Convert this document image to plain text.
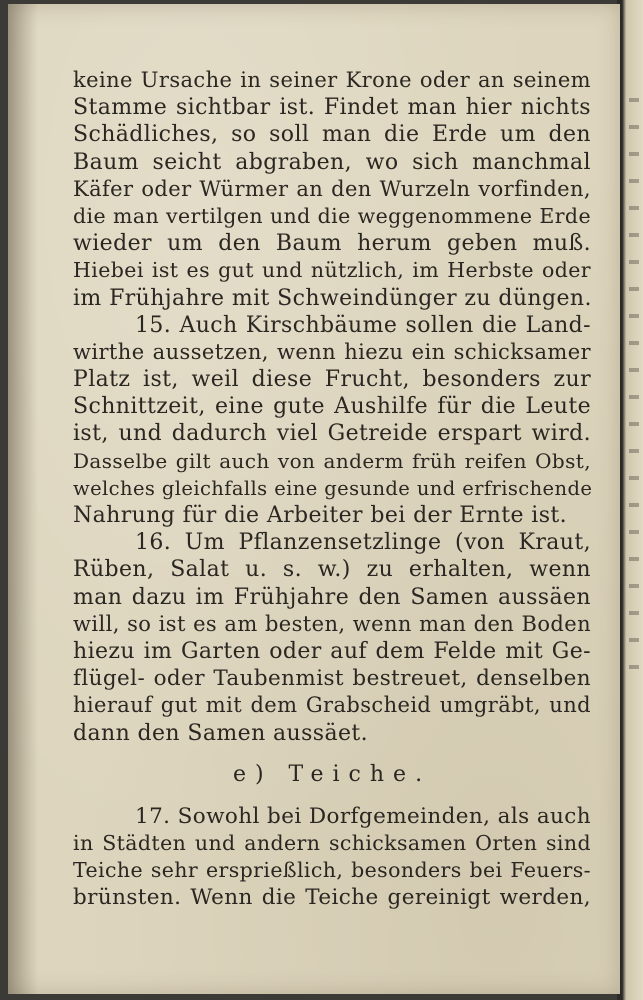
keine Ursache in seiner Krone oder an seinem
Stamme sichtbar ist. Findet man hier nichts
Schädliches, so soll man die Erde um den
Baum seicht abgraben, wo sich manchmal
Käfer oder Würmer an den Wurzeln vorfinden,
die man vertilgen und die weggenommene Erde
wieder um den Baum herum geben muß.
Hiebei ist es gut und nützlich, im Herbste oder
im Frühjahre mit Schweindünger zu düngen.
15. Auch Kirschbäume sollen die Land-
wirthe aussetzen, wenn hiezu ein schicksamer
Platz ist, weil diese Frucht, besonders zur
Schnittzeit, eine gute Aushilfe für die Leute
ist, und dadurch viel Getreide erspart wird.
Dasselbe gilt auch von anderm früh reifen Obst,
welches gleichfalls eine gesunde und erfrischende
Nahrung für die Arbeiter bei der Ernte ist.
16. Um Pflanzensetzlinge (von Kraut,
Rüben, Salat u. s. w.) zu erhalten, wenn
man dazu im Frühjahre den Samen aussäen
will, so ist es am besten, wenn man den Boden
hiezu im Garten oder auf dem Felde mit Ge-
flügel- oder Taubenmist bestreuet, denselben
hierauf gut mit dem Grabscheid umgräbt, und
dann den Samen aussäet.
e) Teiche.
17. Sowohl bei Dorfgemeinden, als auch
in Städten und andern schicksamen Orten sind
Teiche sehr ersprießlich, besonders bei Feuers-
brünsten. Wenn die Teiche gereinigt werden,
